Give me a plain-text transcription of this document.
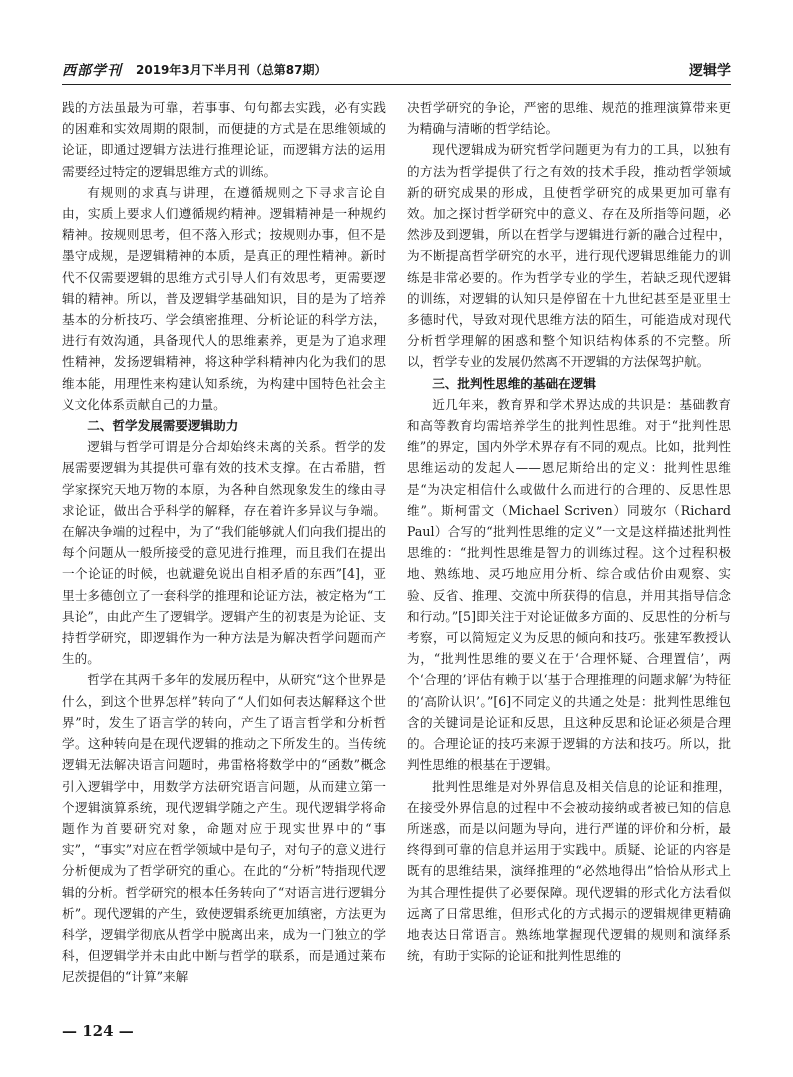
西部学刊 2019年3月下半月刊（总第87期）	逻辑学

践的方法虽最为可靠，若事事、句句都去实践，必有实践的困难和实效周期的限制，而便捷的方式是在思维领域的论证，即通过逻辑方法进行推理论证，而逻辑方法的运用需要经过特定的逻辑思维方式的训练。

有规则的求真与讲理，在遵循规则之下寻求言论自由，实质上要求人们遵循规约精神。逻辑精神是一种规约精神。按规则思考，但不落入形式；按规则办事，但不是墨守成规，是逻辑精神的本质，是真正的理性精神。新时代不仅需要逻辑的思维方式引导人们有效思考，更需要逻辑的精神。所以，普及逻辑学基础知识，目的是为了培养基本的分析技巧、学会缜密推理、分析论证的科学方法，进行有效沟通，具备现代人的思维素养，更是为了追求理性精神，发扬逻辑精神，将这种学科精神内化为我们的思维本能，用理性来构建认知系统，为构建中国特色社会主义文化体系贡献自己的力量。

二、哲学发展需要逻辑助力

逻辑与哲学可谓是分合却始终未离的关系。哲学的发展需要逻辑为其提供可靠有效的技术支撑。在古希腊，哲学家探究天地万物的本原，为各种自然现象发生的缘由寻求论证，做出合乎科学的解释，存在着许多异议与争端。在解决争端的过程中，为了“我们能够就人们向我们提出的每个问题从一般所接受的意见进行推理，而且我们在提出一个论证的时候，也就避免说出自相矛盾的东西”[4]，亚里士多德创立了一套科学的推理和论证方法，被定格为“工具论”，由此产生了逻辑学。逻辑产生的初衷是为论证、支持哲学研究，即逻辑作为一种方法是为解决哲学问题而产生的。

哲学在其两千多年的发展历程中，从研究“这个世界是什么，到这个世界怎样”转向了“人们如何表达解释这个世界”时，发生了语言学的转向，产生了语言哲学和分析哲学。这种转向是在现代逻辑的推动之下所发生的。当传统逻辑无法解决语言问题时，弗雷格将数学中的“函数”概念引入逻辑学中，用数学方法研究语言问题，从而建立第一个逻辑演算系统，现代逻辑学随之产生。现代逻辑学将命题作为首要研究对象，命题对应于现实世界中的“事实”，“事实”对应在哲学领域中是句子，对句子的意义进行分析便成为了哲学研究的重心。在此的“分析”特指现代逻辑的分析。哲学研究的根本任务转向了“对语言进行逻辑分析”。现代逻辑的产生，致使逻辑系统更加缜密，方法更为科学，逻辑学彻底从哲学中脱离出来，成为一门独立的学科，但逻辑学并未由此中断与哲学的联系，而是通过莱布尼茨提倡的“计算”来解

决哲学研究的争论，严密的思维、规范的推理演算带来更为精确与清晰的哲学结论。

现代逻辑成为研究哲学问题更为有力的工具，以独有的方法为哲学提供了行之有效的技术手段，推动哲学领域新的研究成果的形成，且使哲学研究的成果更加可靠有效。加之探讨哲学研究中的意义、存在及所指等问题，必然涉及到逻辑，所以在哲学与逻辑进行新的融合过程中，为不断提高哲学研究的水平，进行现代逻辑思维能力的训练是非常必要的。作为哲学专业的学生，若缺乏现代逻辑的训练，对逻辑的认知只是停留在十九世纪甚至是亚里士多德时代，导致对现代思维方法的陌生，可能造成对现代分析哲学理解的困惑和整个知识结构体系的不完整。所以，哲学专业的发展仍然离不开逻辑的方法保驾护航。

三、批判性思维的基础在逻辑

近几年来，教育界和学术界达成的共识是：基础教育和高等教育均需培养学生的批判性思维。对于“批判性思维”的界定，国内外学术界存有不同的观点。比如，批判性思维运动的发起人——恩尼斯给出的定义：批判性思维是“为决定相信什么或做什么而进行的合理的、反思性思维”。斯柯雷文（Michael Scriven）同玻尔（Richard Paul）合写的“批判性思维的定义”一文是这样描述批判性思维的：“批判性思维是智力的训练过程。这个过程积极地、熟练地、灵巧地应用分析、综合或估价由观察、实验、反省、推理、交流中所获得的信息，并用其指导信念和行动。”[5]即关注于对论证做多方面的、反思性的分析与考察，可以简短定义为反思的倾向和技巧。张建军教授认为，“批判性思维的要义在于‘合理怀疑、合理置信’，两个‘合理的’评估有赖于以‘基于合理推理的问题求解’为特征的‘高阶认识’。”[6]不同定义的共通之处是：批判性思维包含的关键词是论证和反思，且这种反思和论证必须是合理的。合理论证的技巧来源于逻辑的方法和技巧。所以，批判性思维的根基在于逻辑。

批判性思维是对外界信息及相关信息的论证和推理，在接受外界信息的过程中不会被动接纳或者被已知的信息所迷惑，而是以问题为导向，进行严谨的评价和分析，最终得到可靠的信息并运用于实践中。质疑、论证的内容是既有的思维结果，演绎推理的“必然地得出”恰恰从形式上为其合理性提供了必要保障。现代逻辑的形式化方法看似远离了日常思维，但形式化的方式揭示的逻辑规律更精确地表达日常语言。熟练地掌握现代逻辑的规则和演绎系统，有助于实际的论证和批判性思维的

— 124 —
